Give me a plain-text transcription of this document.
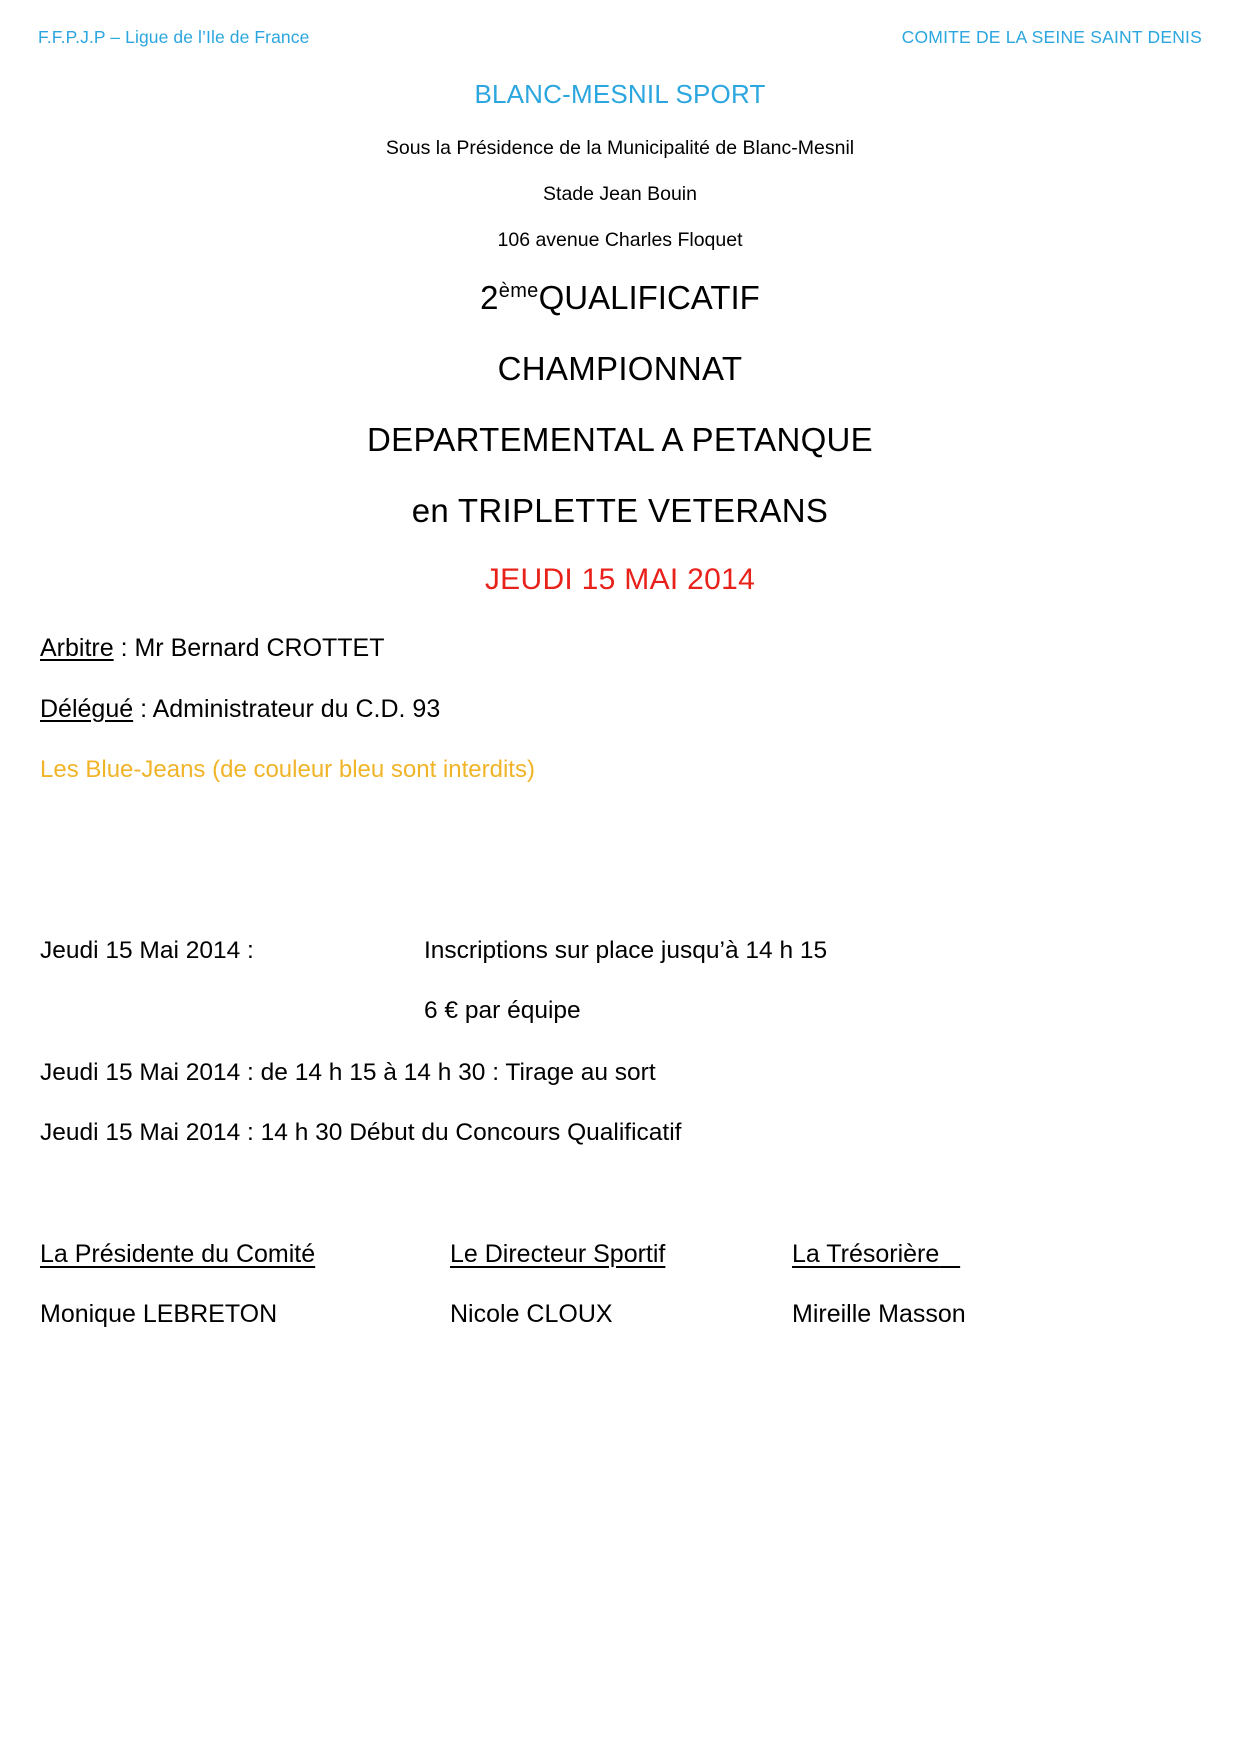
F.F.P.J.P – Ligue de l’Ile de France	COMITE DE LA SEINE SAINT DENIS
BLANC-MESNIL SPORT
Sous la Présidence de la Municipalité de Blanc-Mesnil
Stade Jean Bouin
106 avenue Charles Floquet
2èmeQUALIFICATIF
CHAMPIONNAT
DEPARTEMENTAL A PETANQUE
en TRIPLETTE VETERANS
JEUDI 15 MAI 2014
Arbitre : Mr Bernard CROTTET
Délégué : Administrateur du C.D. 93
Les Blue-Jeans (de couleur bleu sont interdits)
Jeudi 15 Mai 2014 :	Inscriptions sur place jusqu’à 14 h 15
6 € par équipe
Jeudi 15 Mai 2014 : de 14 h 15 à 14 h 30 : Tirage au sort
Jeudi 15 Mai 2014 : 14 h 30 Début du Concours Qualificatif
La Présidente du Comité
Monique LEBRETON
Le Directeur Sportif
Nicole CLOUX
La Trésorière
Mireille Masson
